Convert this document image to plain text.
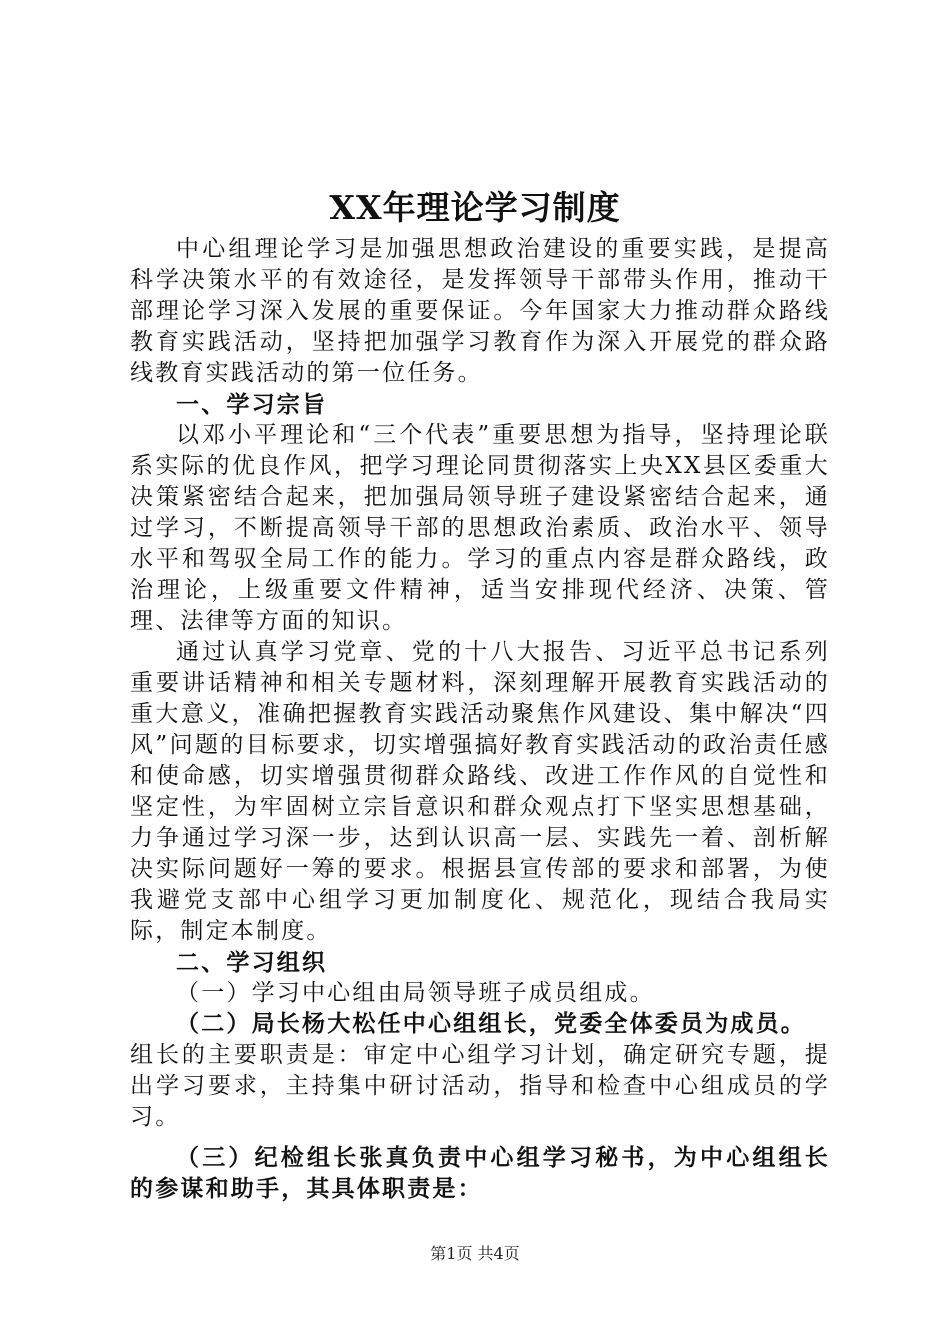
XX年理论学习制度

中心组理论学习是加强思想政治建设的重要实践，是提高科学决策水平的有效途径，是发挥领导干部带头作用，推动干部理论学习深入发展的重要保证。今年国家大力推动群众路线教育实践活动，坚持把加强学习教育作为深入开展党的群众路线教育实践活动的第一位任务。

一、学习宗旨

以邓小平理论和“三个代表”重要思想为指导，坚持理论联系实际的优良作风，把学习理论同贯彻落实上央XX县区委重大决策紧密结合起来，把加强局领导班子建设紧密结合起来，通过学习，不断提高领导干部的思想政治素质、政治水平、领导水平和驾驭全局工作的能力。学习的重点内容是群众路线，政治理论，上级重要文件精神，适当安排现代经济、决策、管理、法律等方面的知识。

通过认真学习党章、党的十八大报告、习近平总书记系列重要讲话精神和相关专题材料，深刻理解开展教育实践活动的重大意义，准确把握教育实践活动聚焦作风建设、集中解决“四风”问题的目标要求，切实增强搞好教育实践活动的政治责任感和使命感，切实增强贯彻群众路线、改进工作作风的自觉性和坚定性，为牢固树立宗旨意识和群众观点打下坚实思想基础，力争通过学习深一步，达到认识高一层、实践先一着、剖析解决实际问题好一筹的要求。根据县宣传部的要求和部署，为使我避党支部中心组学习更加制度化、规范化，现结合我局实际，制定本制度。

二、学习组织

（一）学习中心组由局领导班子成员组成。

（二）局长杨大松任中心组组长，党委全体委员为成员。

组长的主要职责是：审定中心组学习计划，确定研究专题，提出学习要求，主持集中研讨活动，指导和检查中心组成员的学习。

（三）纪检组长张真负责中心组学习秘书，为中心组组长的参谋和助手，其具体职责是：

第1页 共4页
